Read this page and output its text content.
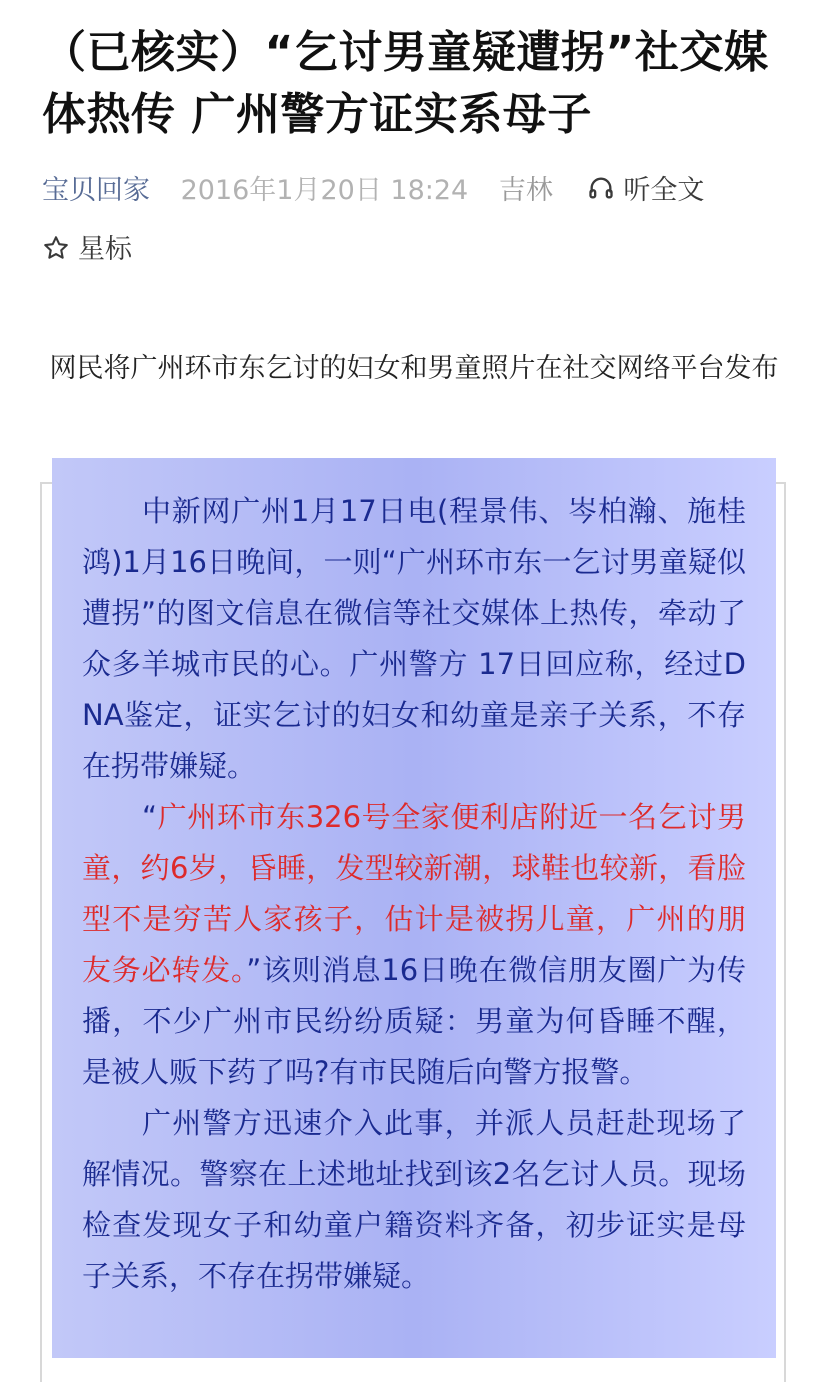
（已核实）“乞讨男童疑遭拐”社交媒体热传 广州警方证实系母子
宝贝回家 2016年1月20日 18:24 吉林	听全文
星标

网民将广州环市东乞讨的妇女和男童照片在社交网络平台发布

中新网广州1月17日电(程景伟、岑柏瀚、施桂鸿)1月16日晚间，一则“广州环市东一乞讨男童疑似遭拐”的图文信息在微信等社交媒体上热传，牵动了众多羊城市民的心。广州警方 17日回应称，经过DNA鉴定，证实乞讨的妇女和幼童是亲子关系，不存在拐带嫌疑。

“广州环市东326号全家便利店附近一名乞讨男童，约6岁，昏睡，发型较新潮，球鞋也较新，看脸型不是穷苦人家孩子，估计是被拐儿童，广州的朋友务必转发。”该则消息16日晚在微信朋友圈广为传播，不少广州市民纷纷质疑：男童为何昏睡不醒，是被人贩下药了吗?有市民随后向警方报警。

广州警方迅速介入此事，并派人员赶赴现场了解情况。警察在上述地址找到该2名乞讨人员。现场检查发现女子和幼童户籍资料齐备，初步证实是母子关系，不存在拐带嫌疑。
